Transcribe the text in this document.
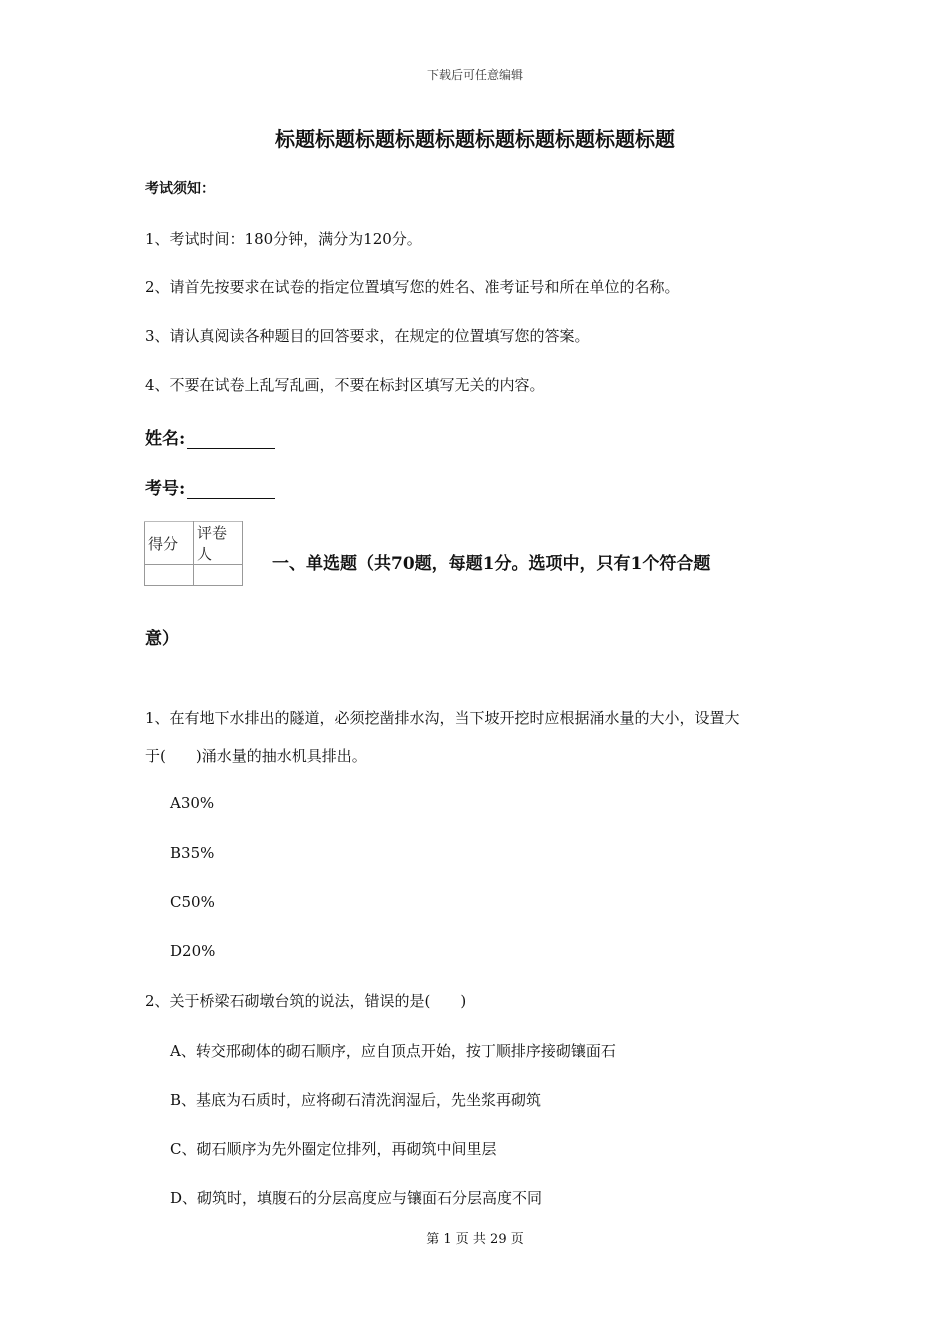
下载后可任意编辑
标题标题标题标题标题标题标题标题标题标题
考试须知：
1、考试时间：180分钟，满分为120分。
2、请首先按要求在试卷的指定位置填写您的姓名、准考证号和所在单位的名称。
3、请认真阅读各种题目的回答要求，在规定的位置填写您的答案。
4、不要在试卷上乱写乱画，不要在标封区填写无关的内容。
姓名:
考号:
得分	评卷人
		一、单选题（共70题，每题1分。选项中，只有1个符合题
意）
1、在有地下水排出的隧道，必须挖凿排水沟，当下坡开挖时应根据涌水量的大小，设置大
于(　　)涌水量的抽水机具排出。
A30%
B35%
C50%
D20%
2、关于桥梁石砌墩台筑的说法，错误的是(　　)
A、转交邢砌体的砌石顺序，应自顶点开始，按丁顺排序接砌镶面石
B、基底为石质时，应将砌石清洗润湿后，先坐浆再砌筑
C、砌石顺序为先外圈定位排列，再砌筑中间里层
D、砌筑时，填腹石的分层高度应与镶面石分层高度不同
第 1 页 共 29 页
